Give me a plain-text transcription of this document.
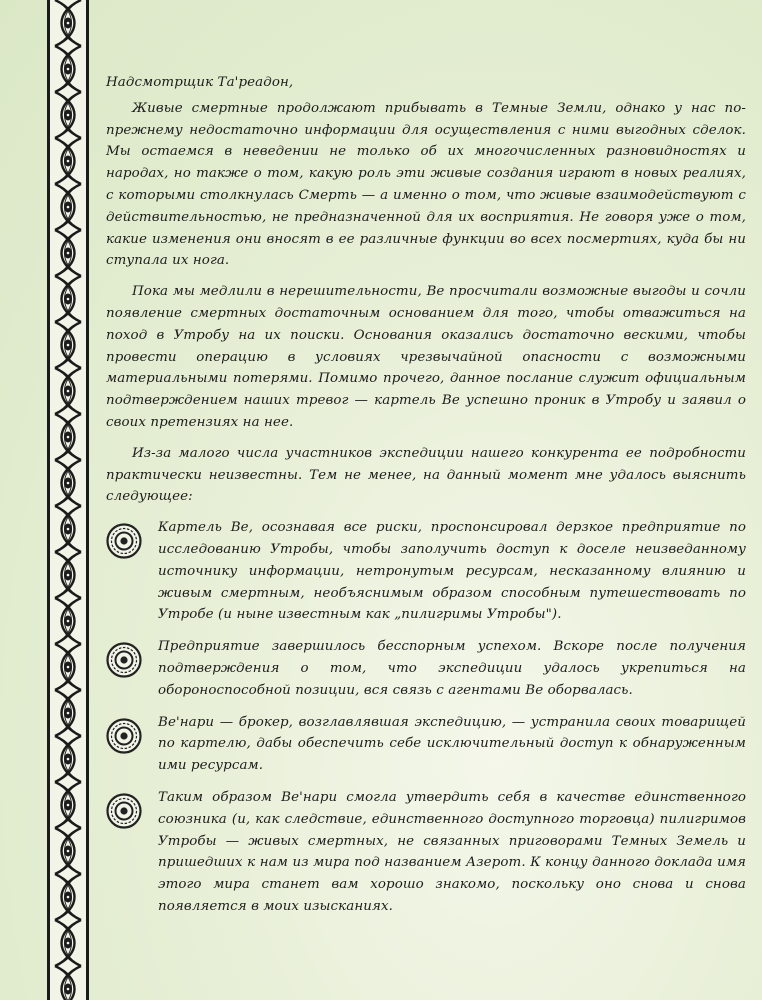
Надсмотрщик Та'реадон,

Живые смертные продолжают прибывать в Темные Земли, однако у нас по-прежнему недостаточно информации для осуществления с ними выгодных сделок. Мы остаемся в неведении не только об их многочисленных разновидностях и народах, но также о том, какую роль эти живые создания играют в новых реалиях, с которыми столкнулась Смерть — а именно о том, что живые взаимодействуют с действительностью, не предназначенной для их восприятия. Не говоря уже о том, какие изменения они вносят в ее различные функции во всех посмертиях, куда бы ни ступала их нога.

Пока мы медлили в нерешительности, Ве просчитали возможные выгоды и сочли появление смертных достаточным основанием для того, чтобы отважиться на поход в Утробу на их поиски. Основания оказались достаточно вескими, чтобы провести операцию в условиях чрезвычайной опасности с возможными материальными потерями. Помимо прочего, данное послание служит официальным подтверждением наших тревог — картель Ве успешно проник в Утробу и заявил о своих претензиях на нее.

Из-за малого числа участников экспедиции нашего конкурента ее подробности практически неизвестны. Тем не менее, на данный момент мне удалось выяснить следующее:

Картель Ве, осознавая все риски, проспонсировал дерзкое предприятие по исследованию Утробы, чтобы заполучить доступ к доселе неизведанному источнику информации, нетронутым ресурсам, несказанному влиянию и живым смертным, необъяснимым образом способным путешествовать по Утробе (и ныне известным как „пилигримы Утробы").
Предприятие завершилось бесспорным успехом. Вскоре после получения подтверждения о том, что экспедиции удалось укрепиться на обороноспособной позиции, вся связь с агентами Ве оборвалась.
Ве'нари — брокер, возглавлявшая экспедицию, — устранила своих товарищей по картелю, дабы обеспечить себе исключительный доступ к обнаруженным ими ресурсам.
Таким образом Ве'нари смогла утвердить себя в качестве единственного союзника (и, как следствие, единственного доступного торговца) пилигримов Утробы — живых смертных, не связанных приговорами Темных Земель и пришедших к нам из мира под названием Азерот. К концу данного доклада имя этого мира станет вам хорошо знакомо, поскольку оно снова и снова появляется в моих изысканиях.
